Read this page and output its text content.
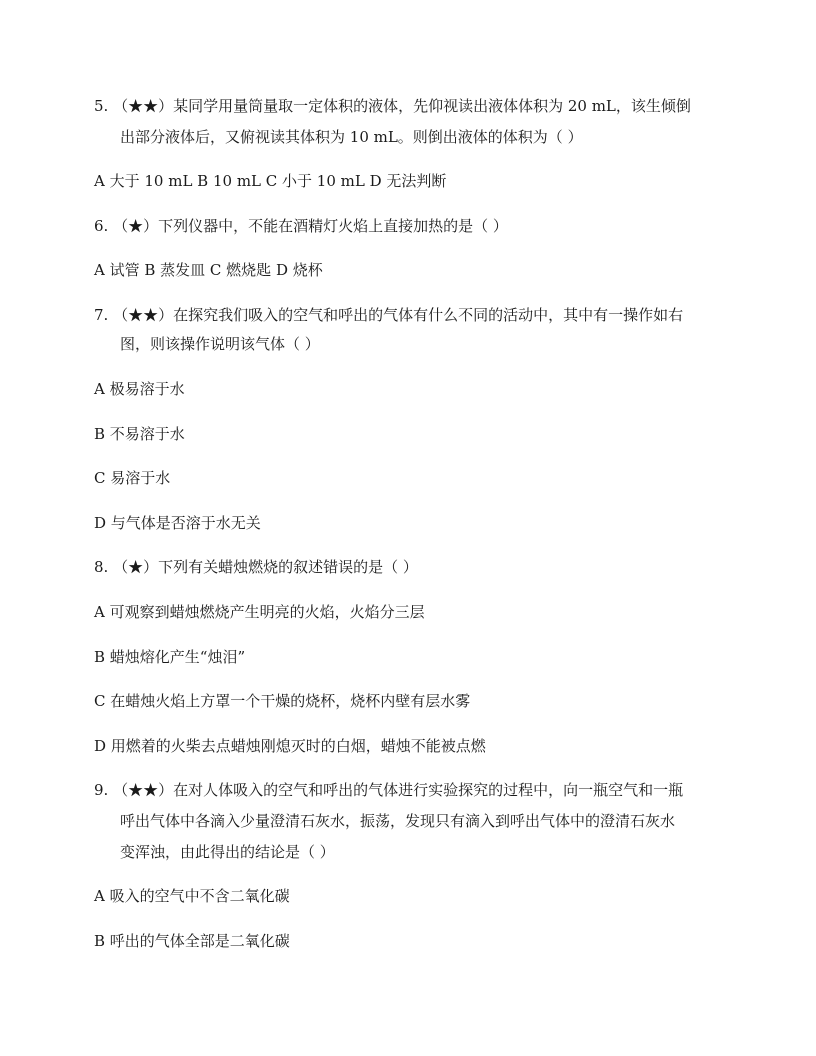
5. （★★）某同学用量筒量取一定体积的液体，先仰视读出液体体积为 20 mL，该生倾倒
出部分液体后，又俯视读其体积为 10 mL。则倒出液体的体积为（ ）
A 大于 10 mL B 10 mL C 小于 10 mL D 无法判断
6. （★）下列仪器中，不能在酒精灯火焰上直接加热的是（ ）
A 试管 B 蒸发皿 C 燃烧匙 D 烧杯
7. （★★）在探究我们吸入的空气和呼出的气体有什么不同的活动中，其中有一操作如右
图，则该操作说明该气体（ ）
A 极易溶于水
B 不易溶于水
C 易溶于水
D 与气体是否溶于水无关
8. （★）下列有关蜡烛燃烧的叙述错误的是（ ）
A 可观察到蜡烛燃烧产生明亮的火焰，火焰分三层
B 蜡烛熔化产生“烛泪”
C 在蜡烛火焰上方罩一个干燥的烧杯，烧杯内壁有层水雾
D 用燃着的火柴去点蜡烛刚熄灭时的白烟，蜡烛不能被点燃
9. （★★）在对人体吸入的空气和呼出的气体进行实验探究的过程中，向一瓶空气和一瓶
呼出气体中各滴入少量澄清石灰水，振荡，发现只有滴入到呼出气体中的澄清石灰水
变浑浊，由此得出的结论是（ ）
A 吸入的空气中不含二氧化碳
B 呼出的气体全部是二氧化碳
